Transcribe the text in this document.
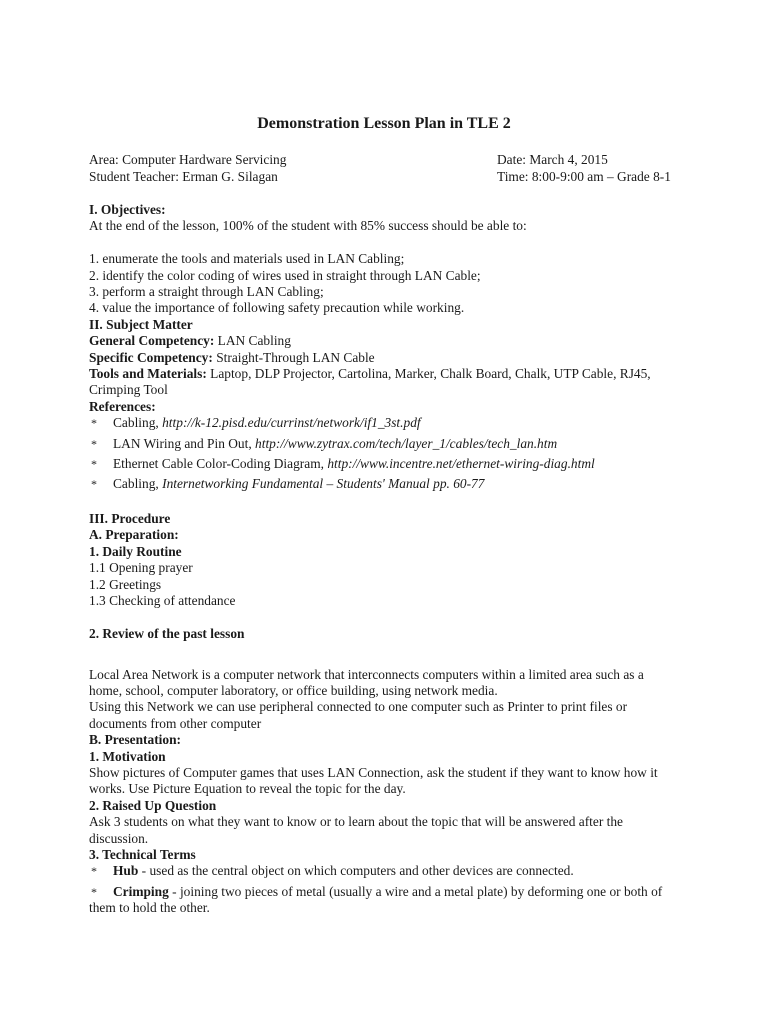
Demonstration Lesson Plan in TLE 2
Area: Computer Hardware Servicing	Date: March 4, 2015
Student Teacher: Erman G. Silagan	Time: 8:00-9:00 am – Grade 8-1
I. Objectives:
At the end of the lesson, 100% of the student with 85% success should be able to:
1. enumerate the tools and materials used in LAN Cabling;
2. identify the color coding of wires used in straight through LAN Cable;
3. perform a straight through LAN Cabling;
4. value the importance of following safety precaution while working.
II. Subject Matter
General Competency: LAN Cabling
Specific Competency: Straight-Through LAN Cable
Tools and Materials: Laptop, DLP Projector, Cartolina, Marker, Chalk Board, Chalk, UTP Cable, RJ45,
Crimping Tool
References:
* Cabling, http://k-12.pisd.edu/currinst/network/if1_3st.pdf
* LAN Wiring and Pin Out, http://www.zytrax.com/tech/layer_1/cables/tech_lan.htm
* Ethernet Cable Color-Coding Diagram, http://www.incentre.net/ethernet-wiring-diag.html
* Cabling, Internetworking Fundamental – Students' Manual pp. 60-77
III. Procedure
A. Preparation:
1. Daily Routine
1.1 Opening prayer
1.2 Greetings
1.3 Checking of attendance
2. Review of the past lesson
Local Area Network is a computer network that interconnects computers within a limited area such as a
home, school, computer laboratory, or office building, using network media.
Using this Network we can use peripheral connected to one computer such as Printer to print files or
documents from other computer
B. Presentation:
1. Motivation
Show pictures of Computer games that uses LAN Connection, ask the student if they want to know how it
works. Use Picture Equation to reveal the topic for the day.
2. Raised Up Question
Ask 3 students on what they want to know or to learn about the topic that will be answered after the
discussion.
3. Technical Terms
* Hub - used as the central object on which computers and other devices are connected.
* Crimping - joining two pieces of metal (usually a wire and a metal plate) by deforming one or both of
them to hold the other.
